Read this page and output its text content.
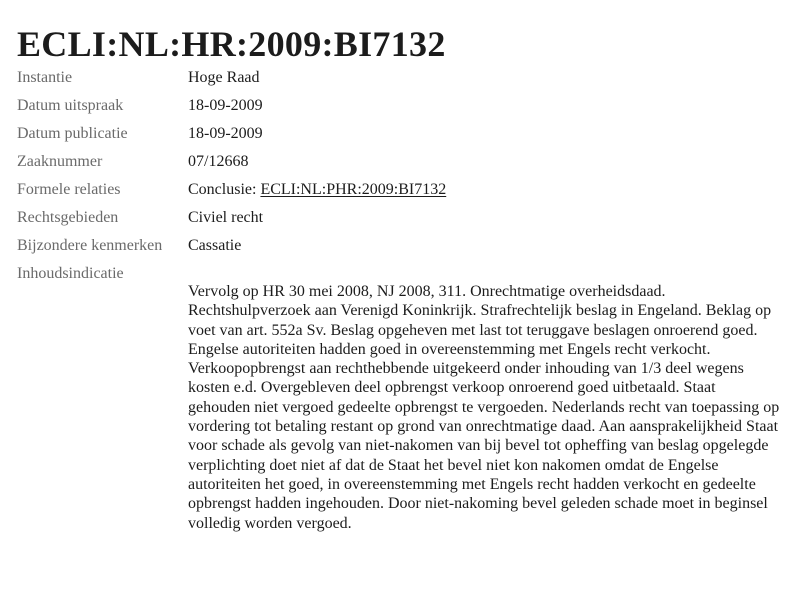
ECLI:NL:HR:2009:BI7132
Instantie	Hoge Raad
Datum uitspraak	18-09-2009
Datum publicatie	18-09-2009
Zaaknummer	07/12668
Formele relaties	Conclusie: ECLI:NL:PHR:2009:BI7132
Rechtsgebieden	Civiel recht
Bijzondere kenmerken	Cassatie
Inhoudsindicatie

Vervolg op HR 30 mei 2008, NJ 2008, 311. Onrechtmatige overheidsdaad. Rechtshulpverzoek aan Verenigd Koninkrijk. Strafrechtelijk beslag in Engeland. Beklag op voet van art. 552a Sv. Beslag opgeheven met last tot teruggave beslagen onroerend goed. Engelse autoriteiten hadden goed in overeenstemming met Engels recht verkocht. Verkoopopbrengst aan rechthebbende uitgekeerd onder inhouding van 1/3 deel wegens kosten e.d. Overgebleven deel opbrengst verkoop onroerend goed uitbetaald. Staat gehouden niet vergoed gedeelte opbrengst te vergoeden. Nederlands recht van toepassing op vordering tot betaling restant op grond van onrechtmatige daad. Aan aansprakelijkheid Staat voor schade als gevolg van niet-nakomen van bij bevel tot opheffing van beslag opgelegde verplichting doet niet af dat de Staat het bevel niet kon nakomen omdat de Engelse autoriteiten het goed, in overeenstemming met Engels recht hadden verkocht en gedeelte opbrengst hadden ingehouden. Door niet-nakoming bevel geleden schade moet in beginsel volledig worden vergoed.
